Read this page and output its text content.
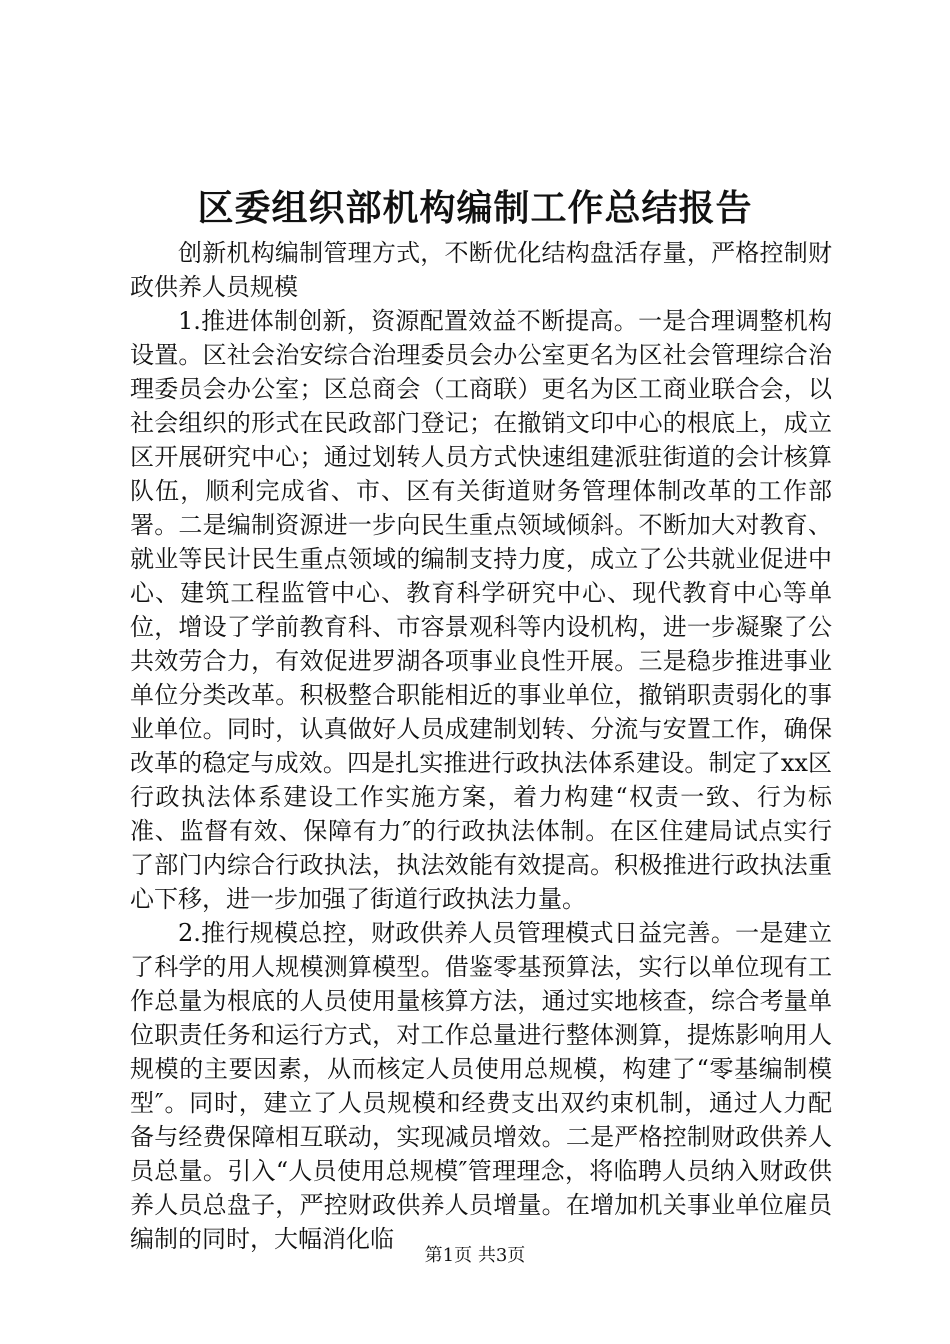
区委组织部机构编制工作总结报告

创新机构编制管理方式，不断优化结构盘活存量，严格控制财政供养人员规模

1.推进体制创新，资源配置效益不断提高。一是合理调整机构设置。区社会治安综合治理委员会办公室更名为区社会管理综合治理委员会办公室；区总商会（工商联）更名为区工商业联合会，以社会组织的形式在民政部门登记；在撤销文印中心的根底上，成立区开展研究中心；通过划转人员方式快速组建派驻街道的会计核算队伍，顺利完成省、市、区有关街道财务管理体制改革的工作部署。二是编制资源进一步向民生重点领域倾斜。不断加大对教育、就业等民计民生重点领域的编制支持力度，成立了公共就业促进中心、建筑工程监管中心、教育科学研究中心、现代教育中心等单位，增设了学前教育科、市容景观科等内设机构，进一步凝聚了公共效劳合力，有效促进罗湖各项事业良性开展。三是稳步推进事业单位分类改革。积极整合职能相近的事业单位，撤销职责弱化的事业单位。同时，认真做好人员成建制划转、分流与安置工作，确保改革的稳定与成效。四是扎实推进行政执法体系建设。制定了xx区行政执法体系建设工作实施方案，着力构建“权责一致、行为标准、监督有效、保障有力″的行政执法体制。在区住建局试点实行了部门内综合行政执法，执法效能有效提高。积极推进行政执法重心下移，进一步加强了街道行政执法力量。

2.推行规模总控，财政供养人员管理模式日益完善。一是建立了科学的用人规模测算模型。借鉴零基预算法，实行以单位现有工作总量为根底的人员使用量核算方法，通过实地核查，综合考量单位职责任务和运行方式，对工作总量进行整体测算，提炼影响用人规模的主要因素，从而核定人员使用总规模，构建了“零基编制模型″。同时，建立了人员规模和经费支出双约束机制，通过人力配备与经费保障相互联动，实现减员增效。二是严格控制财政供养人员总量。引入“人员使用总规模″管理理念，将临聘人员纳入财政供养人员总盘子，严控财政供养人员增量。在增加机关事业单位雇员编制的同时，大幅消化临

第1页 共3页
